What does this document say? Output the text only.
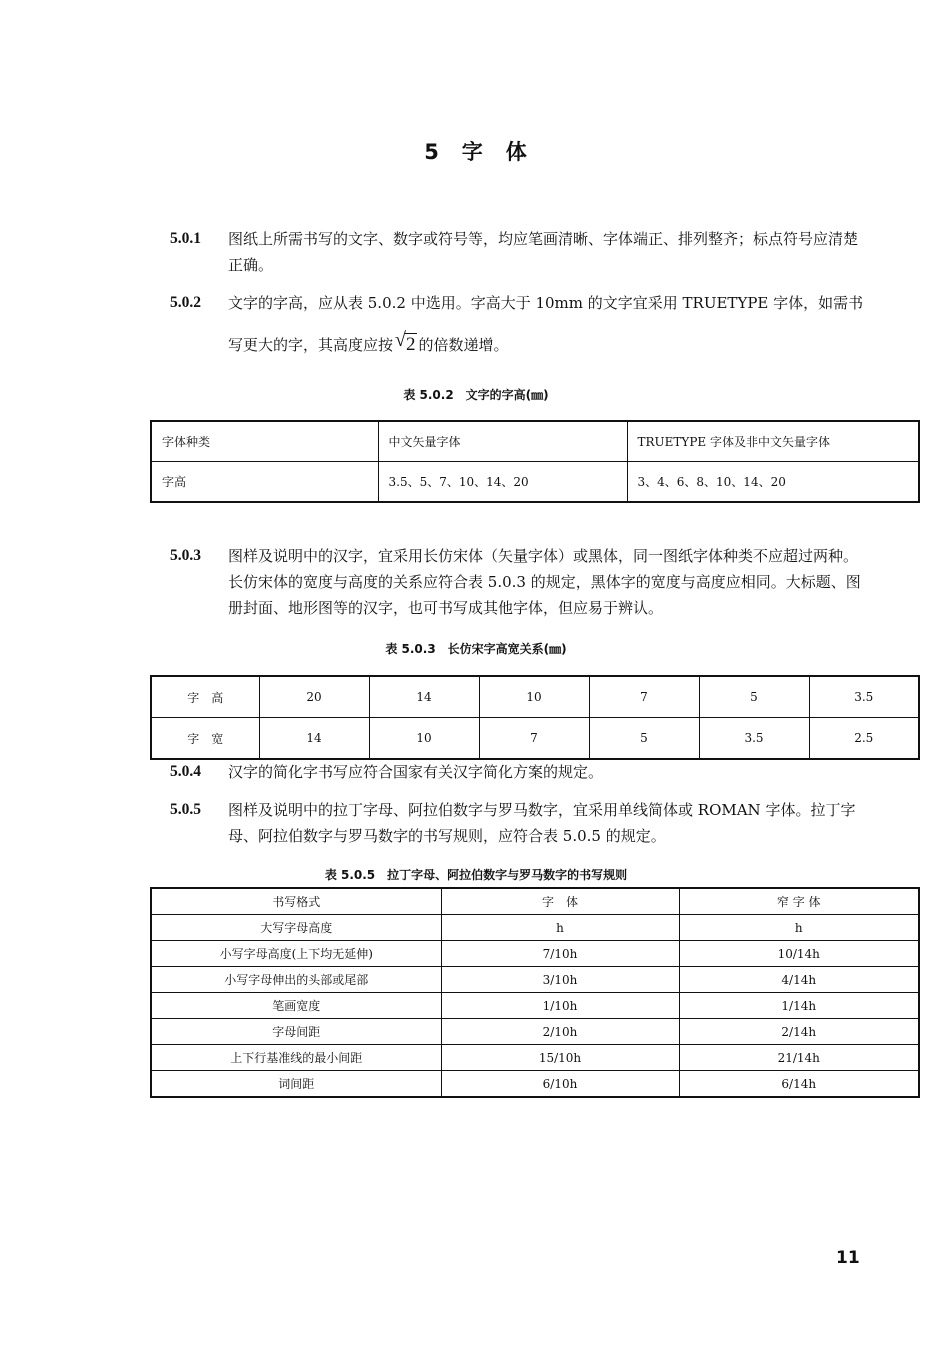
5　字　体
5.0.1 图纸上所需书写的文字、数字或符号等，均应笔画清晰、字体端正、排列整齐；标点符号应清楚正确。
5.0.2 文字的字高，应从表 5.0.2 中选用。字高大于 10mm 的文字宜采用 TRUETYPE 字体，如需书写更大的字，其高度应按 √ 2 的倍数递增。
表 5.0.2　文字的字高(㎜)
字体种类	中文矢量字体	TRUETYPE 字体及非中文矢量字体
字高	3.5、5、7、10、14、20	3、4、6、8、10、14、20
5.0.3 图样及说明中的汉字，宜采用长仿宋体（矢量字体）或黑体，同一图纸字体种类不应超过两种。长仿宋体的宽度与高度的关系应符合表 5.0.3 的规定，黑体字的宽度与高度应相同。大标题、图册封面、地形图等的汉字，也可书写成其他字体，但应易于辨认。
表 5.0.3　长仿宋字高宽关系(㎜)
字　高	20	14	10	7	5	3.5
字　宽	14	10	7	5	3.5	2.5
5.0.4 汉字的简化字书写应符合国家有关汉字简化方案的规定。
5.0.5 图样及说明中的拉丁字母、阿拉伯数字与罗马数字，宜采用单线简体或 ROMAN 字体。拉丁字母、阿拉伯数字与罗马数字的书写规则，应符合表 5.0.5 的规定。
表 5.0.5　拉丁字母、阿拉伯数字与罗马数字的书写规则
书写格式	字　体	窄 字 体
大写字母高度	h	h
小写字母高度(上下均无延伸)	7/10h	10/14h
小写字母伸出的头部或尾部	3/10h	4/14h
笔画宽度	1/10h	1/14h
字母间距	2/10h	2/14h
上下行基准线的最小间距	15/10h	21/14h
词间距	6/10h	6/14h
11
